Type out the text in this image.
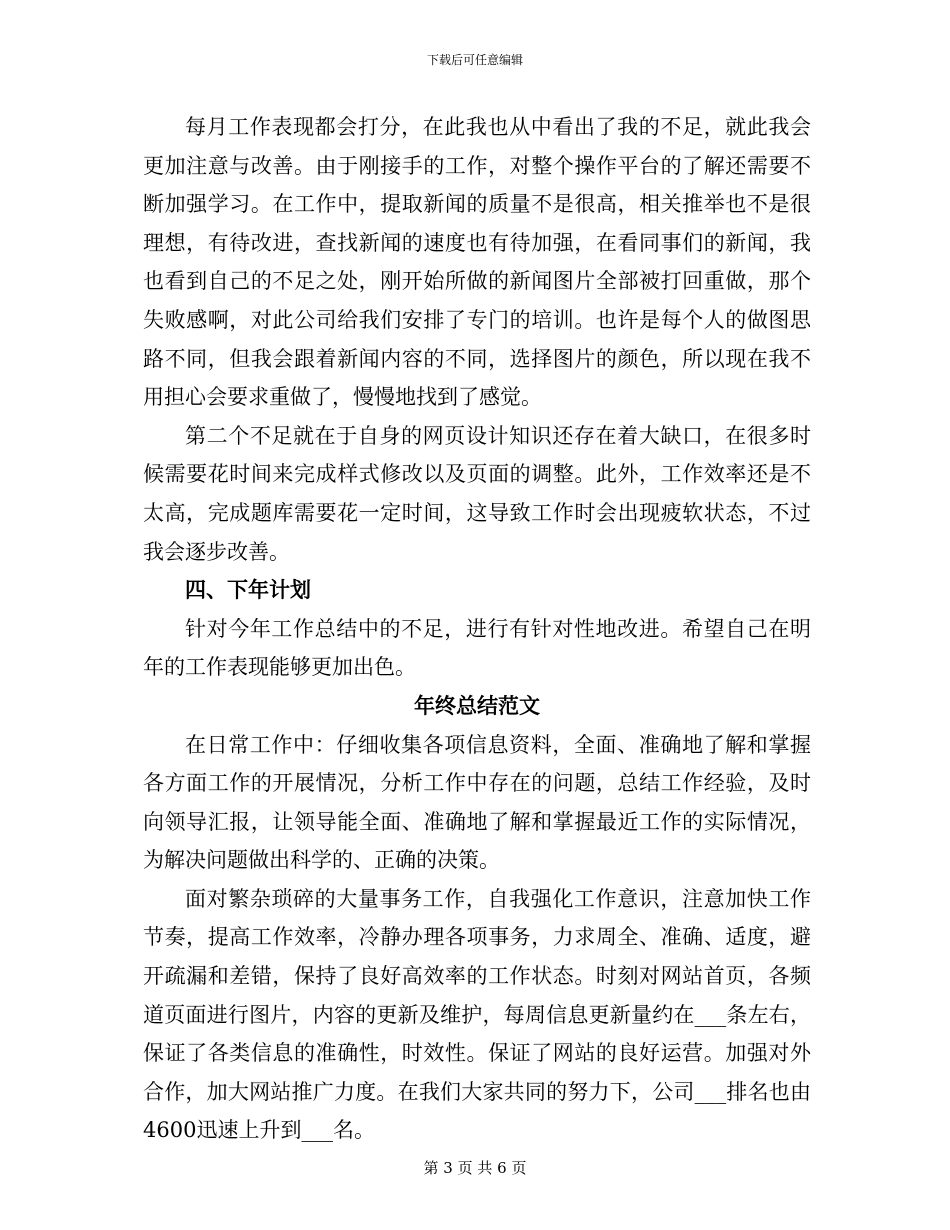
下载后可任意编辑

每月工作表现都会打分，在此我也从中看出了我的不足，就此我会更加注意与改善。由于刚接手的工作，对整个操作平台的了解还需要不断加强学习。在工作中，提取新闻的质量不是很高，相关推举也不是很理想，有待改进，查找新闻的速度也有待加强，在看同事们的新闻，我也看到自己的不足之处，刚开始所做的新闻图片全部被打回重做，那个失败感啊，对此公司给我们安排了专门的培训。也许是每个人的做图思路不同，但我会跟着新闻内容的不同，选择图片的颜色，所以现在我不用担心会要求重做了，慢慢地找到了感觉。

第二个不足就在于自身的网页设计知识还存在着大缺口，在很多时候需要花时间来完成样式修改以及页面的调整。此外，工作效率还是不太高，完成题库需要花一定时间，这导致工作时会出现疲软状态，不过我会逐步改善。

四、下年计划

针对今年工作总结中的不足，进行有针对性地改进。希望自己在明年的工作表现能够更加出色。

年终总结范文

在日常工作中：仔细收集各项信息资料，全面、准确地了解和掌握各方面工作的开展情况，分析工作中存在的问题，总结工作经验，及时向领导汇报，让领导能全面、准确地了解和掌握最近工作的实际情况，为解决问题做出科学的、正确的决策。

面对繁杂琐碎的大量事务工作，自我强化工作意识，注意加快工作节奏，提高工作效率，冷静办理各项事务，力求周全、准确、适度，避开疏漏和差错，保持了良好高效率的工作状态。时刻对网站首页，各频道页面进行图片，内容的更新及维护，每周信息更新量约在___条左右，保证了各类信息的准确性，时效性。保证了网站的良好运营。加强对外合作，加大网站推广力度。在我们大家共同的努力下，公司___排名也由4600迅速上升到___名。

第 3 页 共 6 页
